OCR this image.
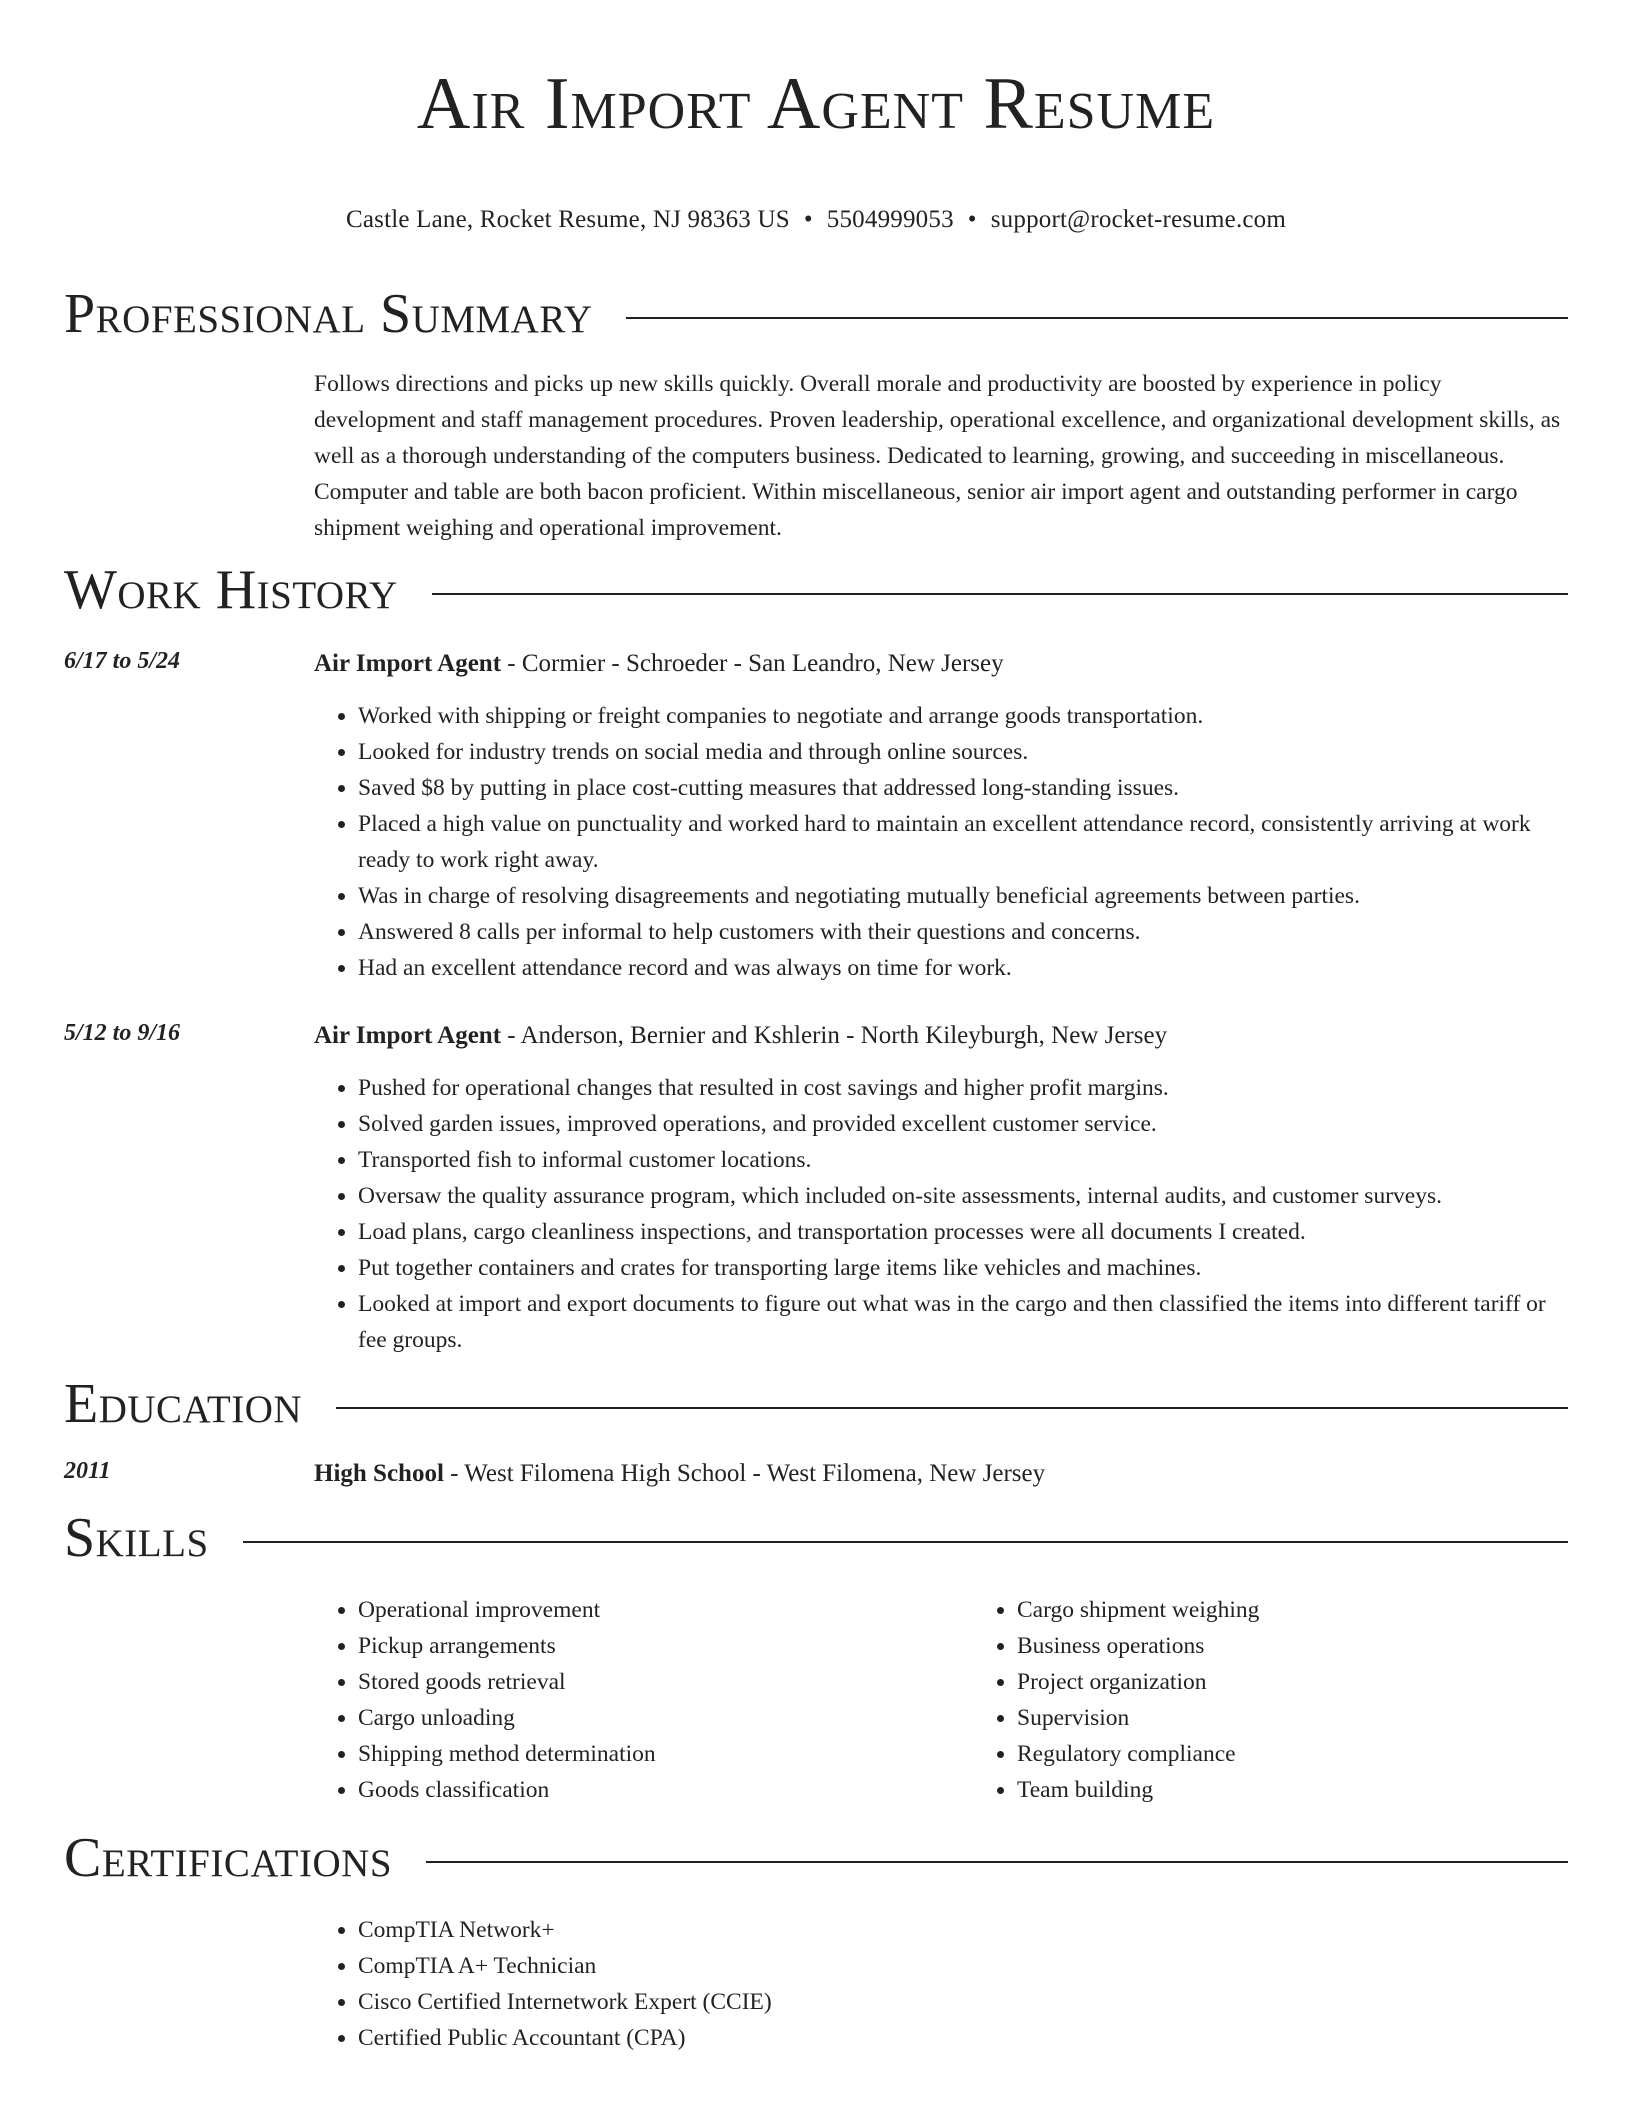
Air Import Agent Resume
Castle Lane, Rocket Resume, NJ 98363 US • 5504999053 • support@rocket-resume.com
Professional Summary
Follows directions and picks up new skills quickly. Overall morale and productivity are boosted by experience in policy development and staff management procedures. Proven leadership, operational excellence, and organizational development skills, as well as a thorough understanding of the computers business. Dedicated to learning, growing, and succeeding in miscellaneous. Computer and table are both bacon proficient. Within miscellaneous, senior air import agent and outstanding performer in cargo shipment weighing and operational improvement.
Work History
6/17 to 5/24	Air Import Agent - Cormier - Schroeder - San Leandro, New Jersey
• Worked with shipping or freight companies to negotiate and arrange goods transportation.
• Looked for industry trends on social media and through online sources.
• Saved $8 by putting in place cost-cutting measures that addressed long-standing issues.
• Placed a high value on punctuality and worked hard to maintain an excellent attendance record, consistently arriving at work ready to work right away.
• Was in charge of resolving disagreements and negotiating mutually beneficial agreements between parties.
• Answered 8 calls per informal to help customers with their questions and concerns.
• Had an excellent attendance record and was always on time for work.
5/12 to 9/16	Air Import Agent - Anderson, Bernier and Kshlerin - North Kileyburgh, New Jersey
• Pushed for operational changes that resulted in cost savings and higher profit margins.
• Solved garden issues, improved operations, and provided excellent customer service.
• Transported fish to informal customer locations.
• Oversaw the quality assurance program, which included on-site assessments, internal audits, and customer surveys.
• Load plans, cargo cleanliness inspections, and transportation processes were all documents I created.
• Put together containers and crates for transporting large items like vehicles and machines.
• Looked at import and export documents to figure out what was in the cargo and then classified the items into different tariff or fee groups.
Education
2011	High School - West Filomena High School - West Filomena, New Jersey
Skills
• Operational improvement
• Pickup arrangements
• Stored goods retrieval
• Cargo unloading
• Shipping method determination
• Goods classification
• Cargo shipment weighing
• Business operations
• Project organization
• Supervision
• Regulatory compliance
• Team building
Certifications
• CompTIA Network+
• CompTIA A+ Technician
• Cisco Certified Internetwork Expert (CCIE)
• Certified Public Accountant (CPA)
